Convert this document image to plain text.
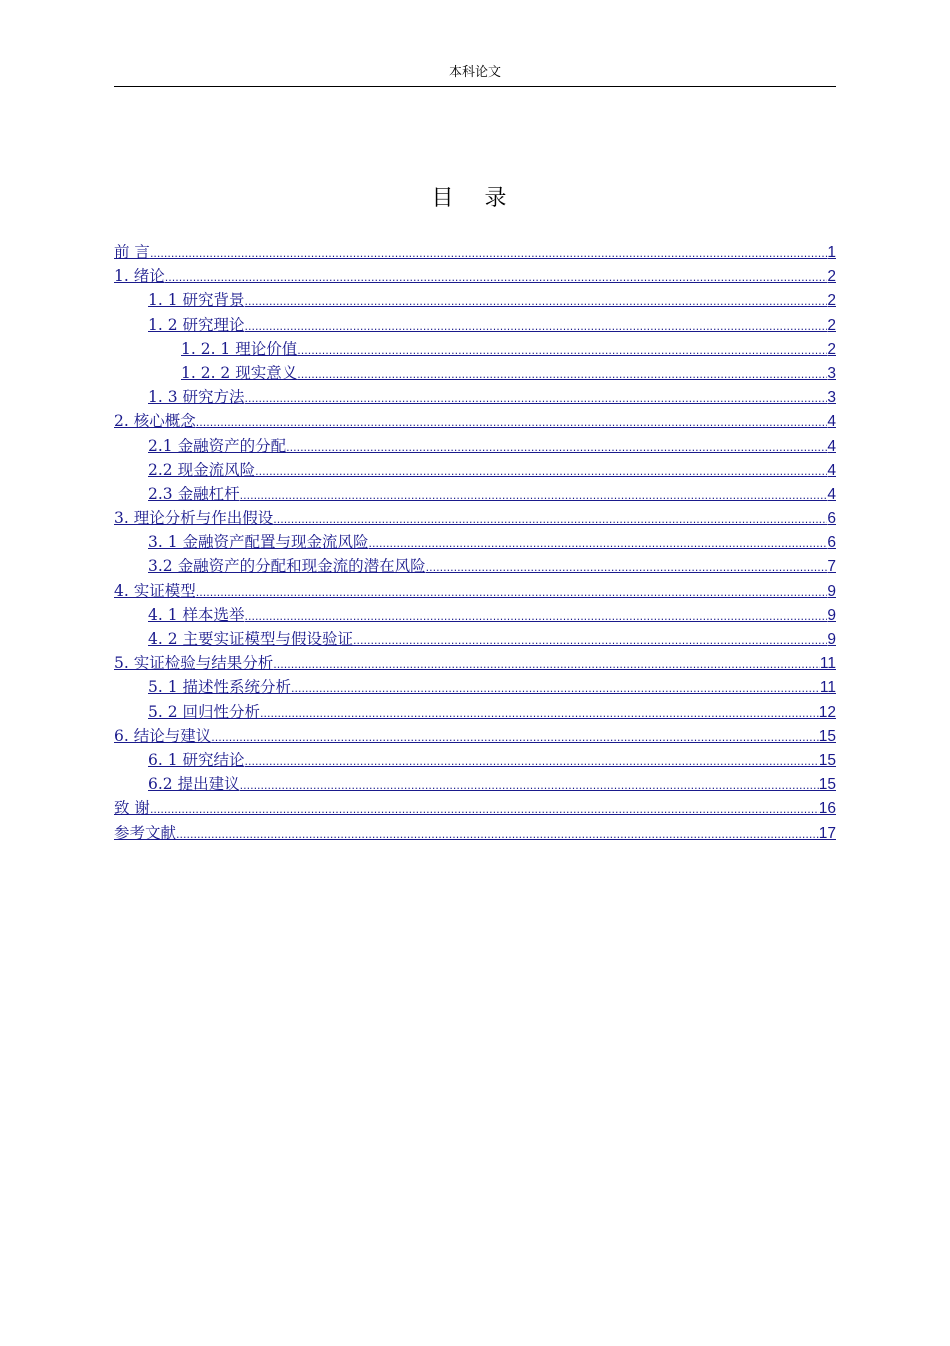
本科论文
目 录
前 言 .....	1
1. 绪论 .....	2
1. 1 研究背景 .....	2
1. 2 研究理论 .....	2
1. 2. 1 理论价值 .....	2
1. 2. 2 现实意义 .....	3
1. 3 研究方法 .....	3
2. 核心概念 .....	4
2.1 金融资产的分配 .....	4
2.2 现金流风险 .....	4
2.3 金融杠杆 .....	4
3. 理论分析与作出假设 .....	6
3. 1 金融资产配置与现金流风险 .....	6
3.2 金融资产的分配和现金流的潜在风险 .....	7
4. 实证模型 .....	9
4. 1 样本选举 .....	9
4. 2 主要实证模型与假设验证 .....	9
5. 实证检验与结果分析 .....	11
5. 1 描述性系统分析 .....	11
5. 2 回归性分析 .....	12
6. 结论与建议 .....	15
6. 1 研究结论 .....	15
6.2 提出建议 .....	15
致 谢 .....	16
参考文献 .....	17
